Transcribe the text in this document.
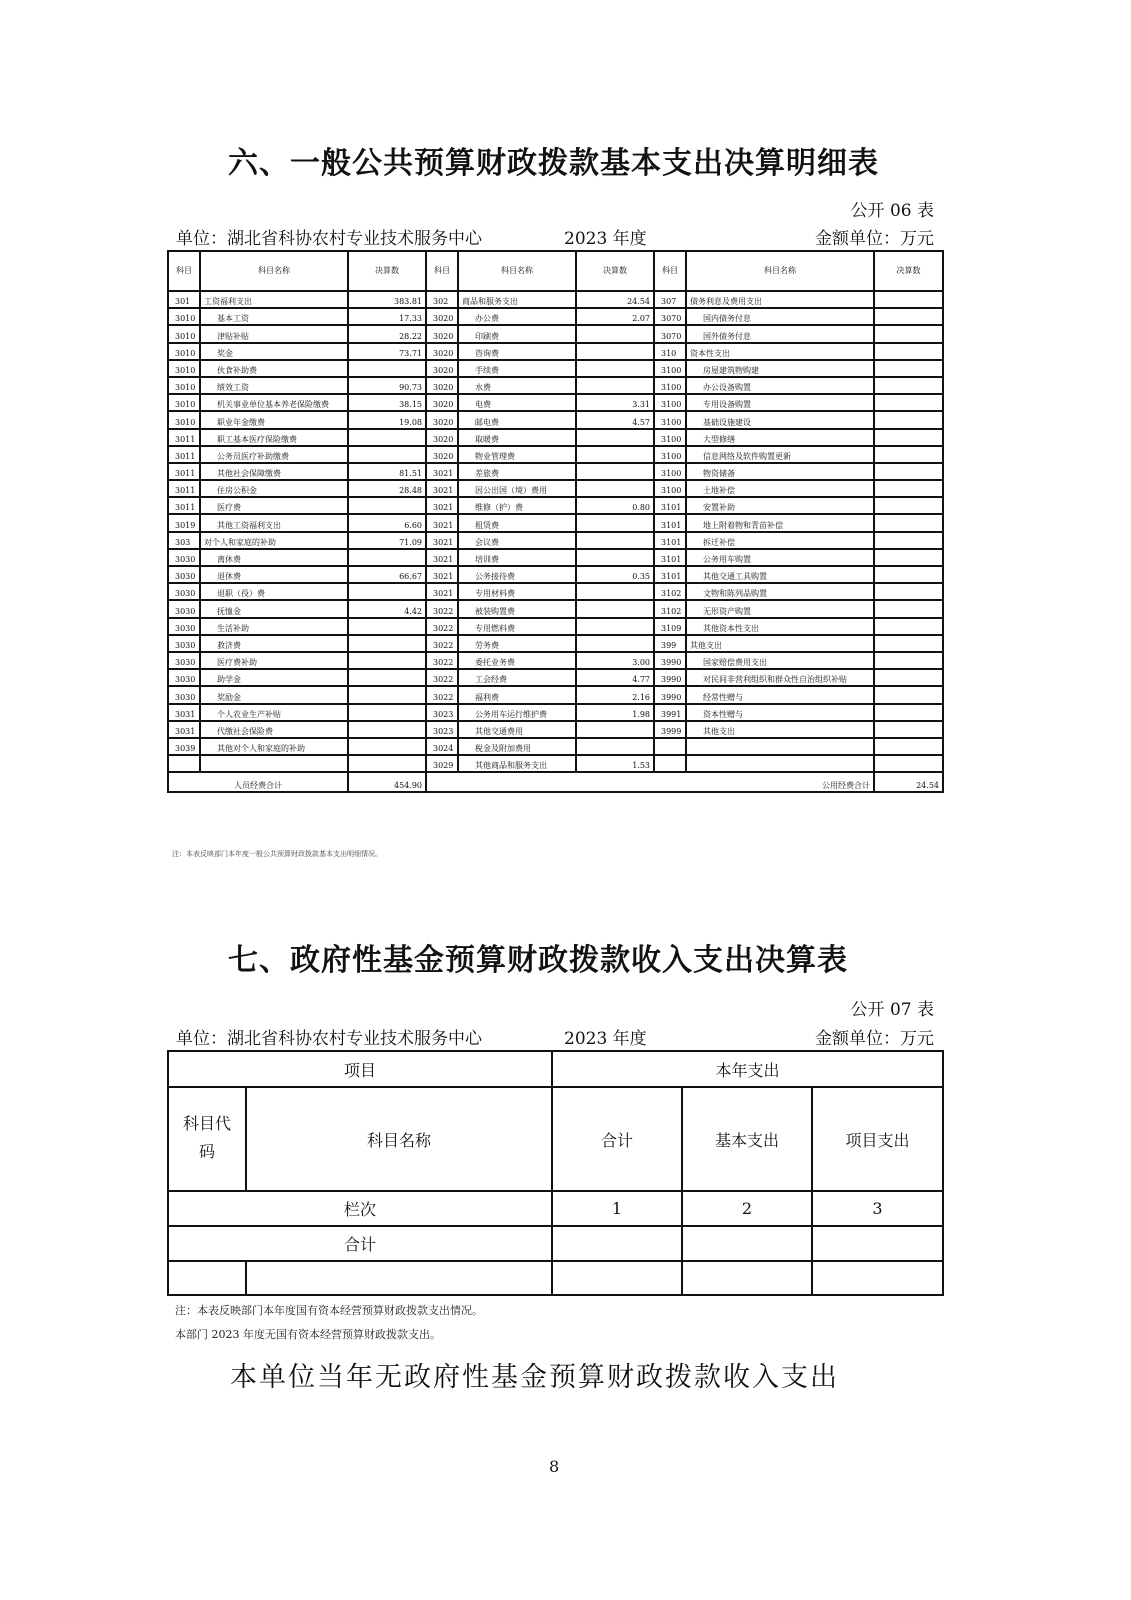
六、一般公共预算财政拨款基本支出决算明细表
公开 06 表
单位：湖北省科协农村专业技术服务中心	2023 年度	金额单位：万元
科目	科目名称	决算数	科目	科目名称	决算数	科目	科目名称	决算数
301	工资福利支出	383.81	302	商品和服务支出	24.54	307	债务利息及费用支出	
3010	基本工资	17.33	3020	办公费	2.07	3070	国内债务付息	
3010	津贴补贴	28.22	3020	印刷费		3070	国外债务付息	
3010	奖金	73.71	3020	咨询费		310	资本性支出	
3010	伙食补助费		3020	手续费		3100	房屋建筑物购建	
3010	绩效工资	90.73	3020	水费		3100	办公设备购置	
3010	机关事业单位基本养老保险缴费	38.15	3020	电费	3.31	3100	专用设备购置	
3010	职业年金缴费	19.08	3020	邮电费	4.57	3100	基础设施建设	
3011	职工基本医疗保险缴费		3020	取暖费		3100	大型修缮	
3011	公务员医疗补助缴费		3020	物业管理费		3100	信息网络及软件购置更新	
3011	其他社会保障缴费	81.51	3021	差旅费		3100	物资储备	
3011	住房公积金	28.48	3021	因公出国（境）费用		3100	土地补偿	
3011	医疗费		3021	维修（护）费	0.80	3101	安置补助	
3019	其他工资福利支出	6.60	3021	租赁费		3101	地上附着物和青苗补偿	
303	对个人和家庭的补助	71.09	3021	会议费		3101	拆迁补偿	
3030	离休费		3021	培训费		3101	公务用车购置	
3030	退休费	66.67	3021	公务接待费	0.35	3101	其他交通工具购置	
3030	退职（役）费		3021	专用材料费		3102	文物和陈列品购置	
3030	抚恤金	4.42	3022	被装购置费		3102	无形资产购置	
3030	生活补助		3022	专用燃料费		3109	其他资本性支出	
3030	救济费		3022	劳务费		399	其他支出	
3030	医疗费补助		3022	委托业务费	3.00	3990	国家赔偿费用支出	
3030	助学金		3022	工会经费	4.77	3990	对民间非营利组织和群众性自治组织补贴	
3030	奖励金		3022	福利费	2.16	3990	经常性赠与	
3031	个人农业生产补贴		3023	公务用车运行维护费	1.98	3991	资本性赠与	
3031	代缴社会保险费		3023	其他交通费用		3999	其他支出	
3039	其他对个人和家庭的补助		3024	税金及附加费用				
			3029	其他商品和服务支出	1.53			
人员经费合计		454.90	公用经费合计					24.54
注：本表反映部门本年度一般公共预算财政拨款基本支出明细情况。
七、政府性基金预算财政拨款收入支出决算表
公开 07 表
单位：湖北省科协农村专业技术服务中心	2023 年度	金额单位：万元
项目		本年支出		
科目代
码	科目名称	合计	基本支出	项目支出
栏次		1	2	3
合计				

注：本表反映部门本年度国有资本经营预算财政拨款支出情况。
本部门 2023 年度无国有资本经营预算财政拨款支出。
本单位当年无政府性基金预算财政拨款收入支出
8
